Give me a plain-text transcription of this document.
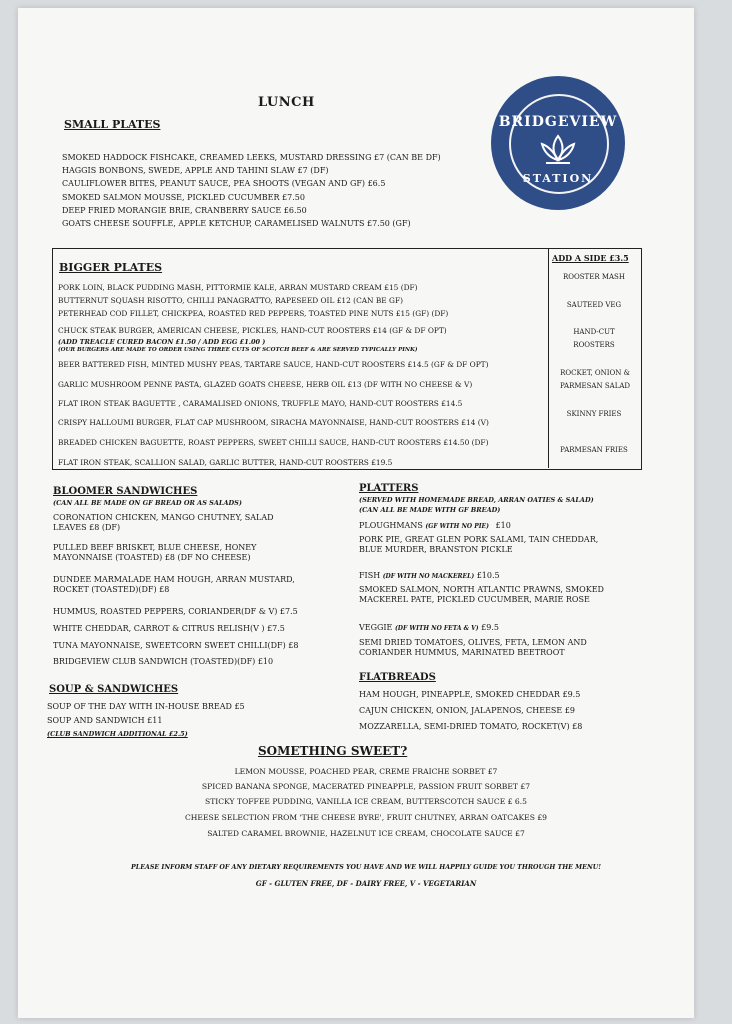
LUNCH
BRIDGEVIEW
STATION
SMALL PLATES
SMOKED HADDOCK FISHCAKE, CREAMED LEEKS, MUSTARD DRESSING £7 (CAN BE DF)
HAGGIS BONBONS, SWEDE, APPLE AND TAHINI SLAW £7 (DF)
CAULIFLOWER BITES, PEANUT SAUCE, PEA SHOOTS (VEGAN AND GF) £6.5
SMOKED SALMON MOUSSE, PICKLED CUCUMBER £7.50
DEEP FRIED MORANGIE BRIE, CRANBERRY SAUCE £6.50
GOATS CHEESE SOUFFLE, APPLE KETCHUP, CARAMELISED WALNUTS £7.50 (GF)
BIGGER PLATES
PORK LOIN, BLACK PUDDING MASH, PITTORMIE KALE, ARRAN MUSTARD CREAM £15 (DF)
BUTTERNUT SQUASH RISOTTO, CHILLI PANAGRATTO, RAPESEED OIL £12 (CAN BE GF)
PETERHEAD COD FILLET, CHICKPEA, ROASTED RED PEPPERS, TOASTED PINE NUTS £15 (GF) (DF)
CHUCK STEAK BURGER, AMERICAN CHEESE, PICKLES, HAND-CUT ROOSTERS £14 (GF & DF OPT)
(ADD TREACLE CURED BACON £1.50 / ADD EGG £1.00 )
(OUR BURGERS ARE MADE TO ORDER USING THREE CUTS OF SCOTCH BEEF & ARE SERVED TYPICALLY PINK)
BEER BATTERED FISH, MINTED MUSHY PEAS, TARTARE SAUCE, HAND-CUT ROOSTERS £14.5 (GF & DF OPT)
GARLIC MUSHROOM PENNE PASTA, GLAZED GOATS CHEESE, HERB OIL £13 (DF WITH NO CHEESE & V)
FLAT IRON STEAK BAGUETTE , CARAMALISED ONIONS, TRUFFLE MAYO, HAND-CUT ROOSTERS £14.5
CRISPY HALLOUMI BURGER, FLAT CAP MUSHROOM, SIRACHA MAYONNAISE, HAND-CUT ROOSTERS £14 (V)
BREADED CHICKEN BAGUETTE, ROAST PEPPERS, SWEET CHILLI SAUCE, HAND-CUT ROOSTERS £14.50 (DF)
FLAT IRON STEAK, SCALLION SALAD, GARLIC BUTTER, HAND-CUT ROOSTERS £19.5
ADD A SIDE £3.5
ROOSTER MASH
SAUTEED VEG
HAND-CUT ROOSTERS
ROCKET, ONION & PARMESAN SALAD
SKINNY FRIES
PARMESAN FRIES
BLOOMER SANDWICHES
(CAN ALL BE MADE ON GF BREAD OR AS SALADS)
CORONATION CHICKEN, MANGO CHUTNEY, SALAD LEAVES £8 (DF)
PULLED BEEF BRISKET, BLUE CHEESE, HONEY MAYONNAISE (TOASTED) £8 (DF NO CHEESE)
DUNDEE MARMALADE HAM HOUGH, ARRAN MUSTARD, ROCKET (TOASTED)(DF) £8
HUMMUS, ROASTED PEPPERS, CORIANDER(DF & V) £7.5
WHITE CHEDDAR, CARROT & CITRUS RELISH(V ) £7.5
TUNA MAYONNAISE, SWEETCORN SWEET CHILLI(DF) £8
BRIDGEVIEW CLUB SANDWICH (TOASTED)(DF) £10
SOUP & SANDWICHES
SOUP OF THE DAY WITH IN-HOUSE BREAD £5
SOUP AND SANDWICH £11
(CLUB SANDWICH ADDITIONAL £2.5)
PLATTERS
(SERVED WITH HOMEMADE BREAD, ARRAN OATIES & SALAD)
(CAN ALL BE MADE WITH GF BREAD)
PLOUGHMANS (GF WITH NO PIE) £10
PORK PIE, GREAT GLEN PORK SALAMI, TAIN CHEDDAR, BLUE MURDER, BRANSTON PICKLE
FISH (DF WITH NO MACKEREL) £10.5
SMOKED SALMON, NORTH ATLANTIC PRAWNS, SMOKED MACKEREL PATE, PICKLED CUCUMBER, MARIE ROSE
VEGGIE (DF WITH NO FETA & V) £9.5
SEMI DRIED TOMATOES, OLIVES, FETA, LEMON AND CORIANDER HUMMUS, MARINATED BEETROOT
FLATBREADS
HAM HOUGH, PINEAPPLE, SMOKED CHEDDAR £9.5
CAJUN CHICKEN, ONION, JALAPENOS, CHEESE £9
MOZZARELLA, SEMI-DRIED TOMATO, ROCKET(V) £8
SOMETHING SWEET?
LEMON MOUSSE, POACHED PEAR, CREME FRAICHE SORBET £7
SPICED BANANA SPONGE, MACERATED PINEAPPLE, PASSION FRUIT SORBET £7
STICKY TOFFEE PUDDING, VANILLA ICE CREAM, BUTTERSCOTCH SAUCE £ 6.5
CHEESE SELECTION FROM 'THE CHEESE BYRE', FRUIT CHUTNEY, ARRAN OATCAKES £9
SALTED CARAMEL BROWNIE, HAZELNUT ICE CREAM, CHOCOLATE SAUCE £7
PLEASE INFORM STAFF OF ANY DIETARY REQUIREMENTS YOU HAVE AND WE WILL HAPPILY GUIDE YOU THROUGH THE MENU!
GF - GLUTEN FREE, DF - DAIRY FREE, V - VEGETARIAN
